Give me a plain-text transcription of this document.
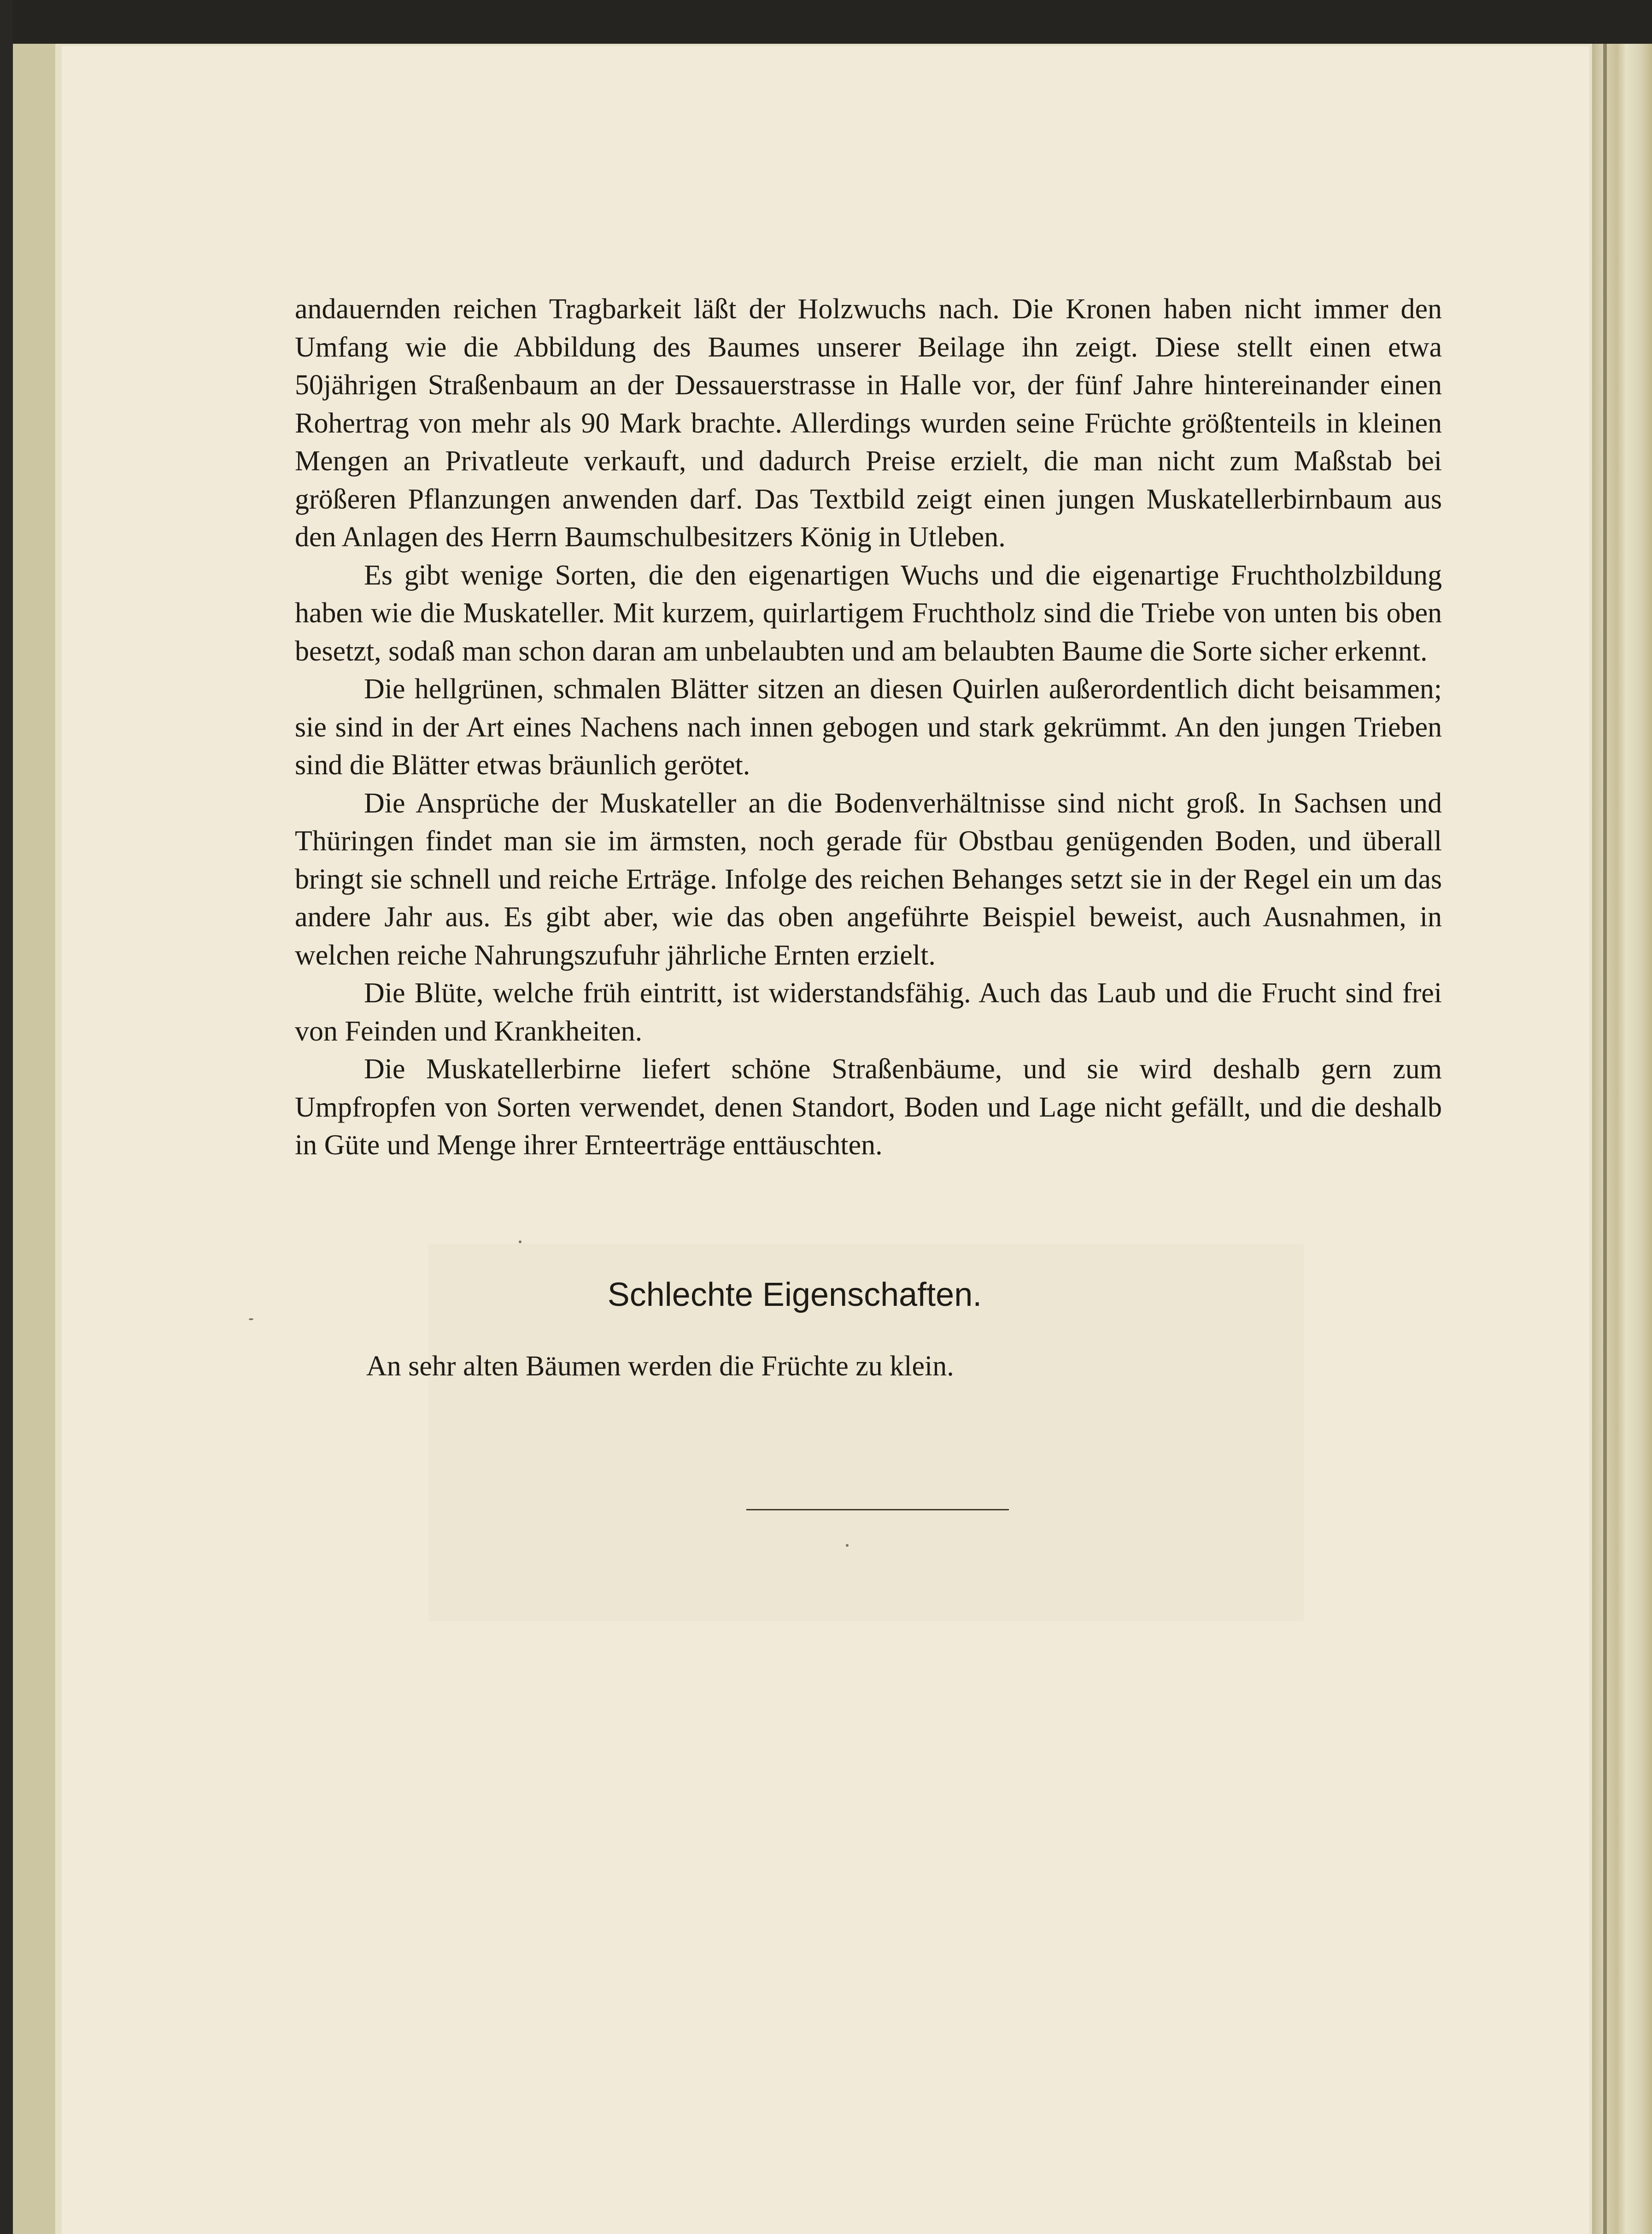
andauernden reichen Tragbarkeit läßt der Holzwuchs nach. Die Kronen haben nicht immer den Umfang wie die Abbildung des Baumes unserer Beilage ihn zeigt. Diese stellt einen etwa 50jährigen Straßenbaum an der Dessauerstrasse in Halle vor, der fünf Jahre hintereinander einen Rohertrag von mehr als 90 Mark brachte. Allerdings wurden seine Früchte größtenteils in kleinen Mengen an Privatleute verkauft, und dadurch Preise erzielt, die man nicht zum Maßstab bei größeren Pflanzungen anwenden darf. Das Textbild zeigt einen jungen Muskatellerbirnbaum aus den Anlagen des Herrn Baumschulbesitzers König in Utleben.

Es gibt wenige Sorten, die den eigenartigen Wuchs und die eigenartige Fruchtholzbildung haben wie die Muskateller. Mit kurzem, quirlartigem Fruchtholz sind die Triebe von unten bis oben besetzt, sodaß man schon daran am unbelaubten und am belaubten Baume die Sorte sicher erkennt.

Die hellgrünen, schmalen Blätter sitzen an diesen Quirlen außerordentlich dicht beisammen; sie sind in der Art eines Nachens nach innen gebogen und stark gekrümmt. An den jungen Trieben sind die Blätter etwas bräunlich gerötet.

Die Ansprüche der Muskateller an die Bodenverhältnisse sind nicht groß. In Sachsen und Thüringen findet man sie im ärmsten, noch gerade für Obstbau genügenden Boden, und überall bringt sie schnell und reiche Erträge. Infolge des reichen Behanges setzt sie in der Regel ein um das andere Jahr aus. Es gibt aber, wie das oben angeführte Beispiel beweist, auch Ausnahmen, in welchen reiche Nahrungszufuhr jährliche Ernten erzielt.

Die Blüte, welche früh eintritt, ist widerstandsfähig. Auch das Laub und die Frucht sind frei von Feinden und Krankheiten.

Die Muskatellerbirne liefert schöne Straßenbäume, und sie wird deshalb gern zum Umpfropfen von Sorten verwendet, denen Standort, Boden und Lage nicht gefällt, und die deshalb in Güte und Menge ihrer Ernteerträge enttäuschten.

Schlechte Eigenschaften.

An sehr alten Bäumen werden die Früchte zu klein.
